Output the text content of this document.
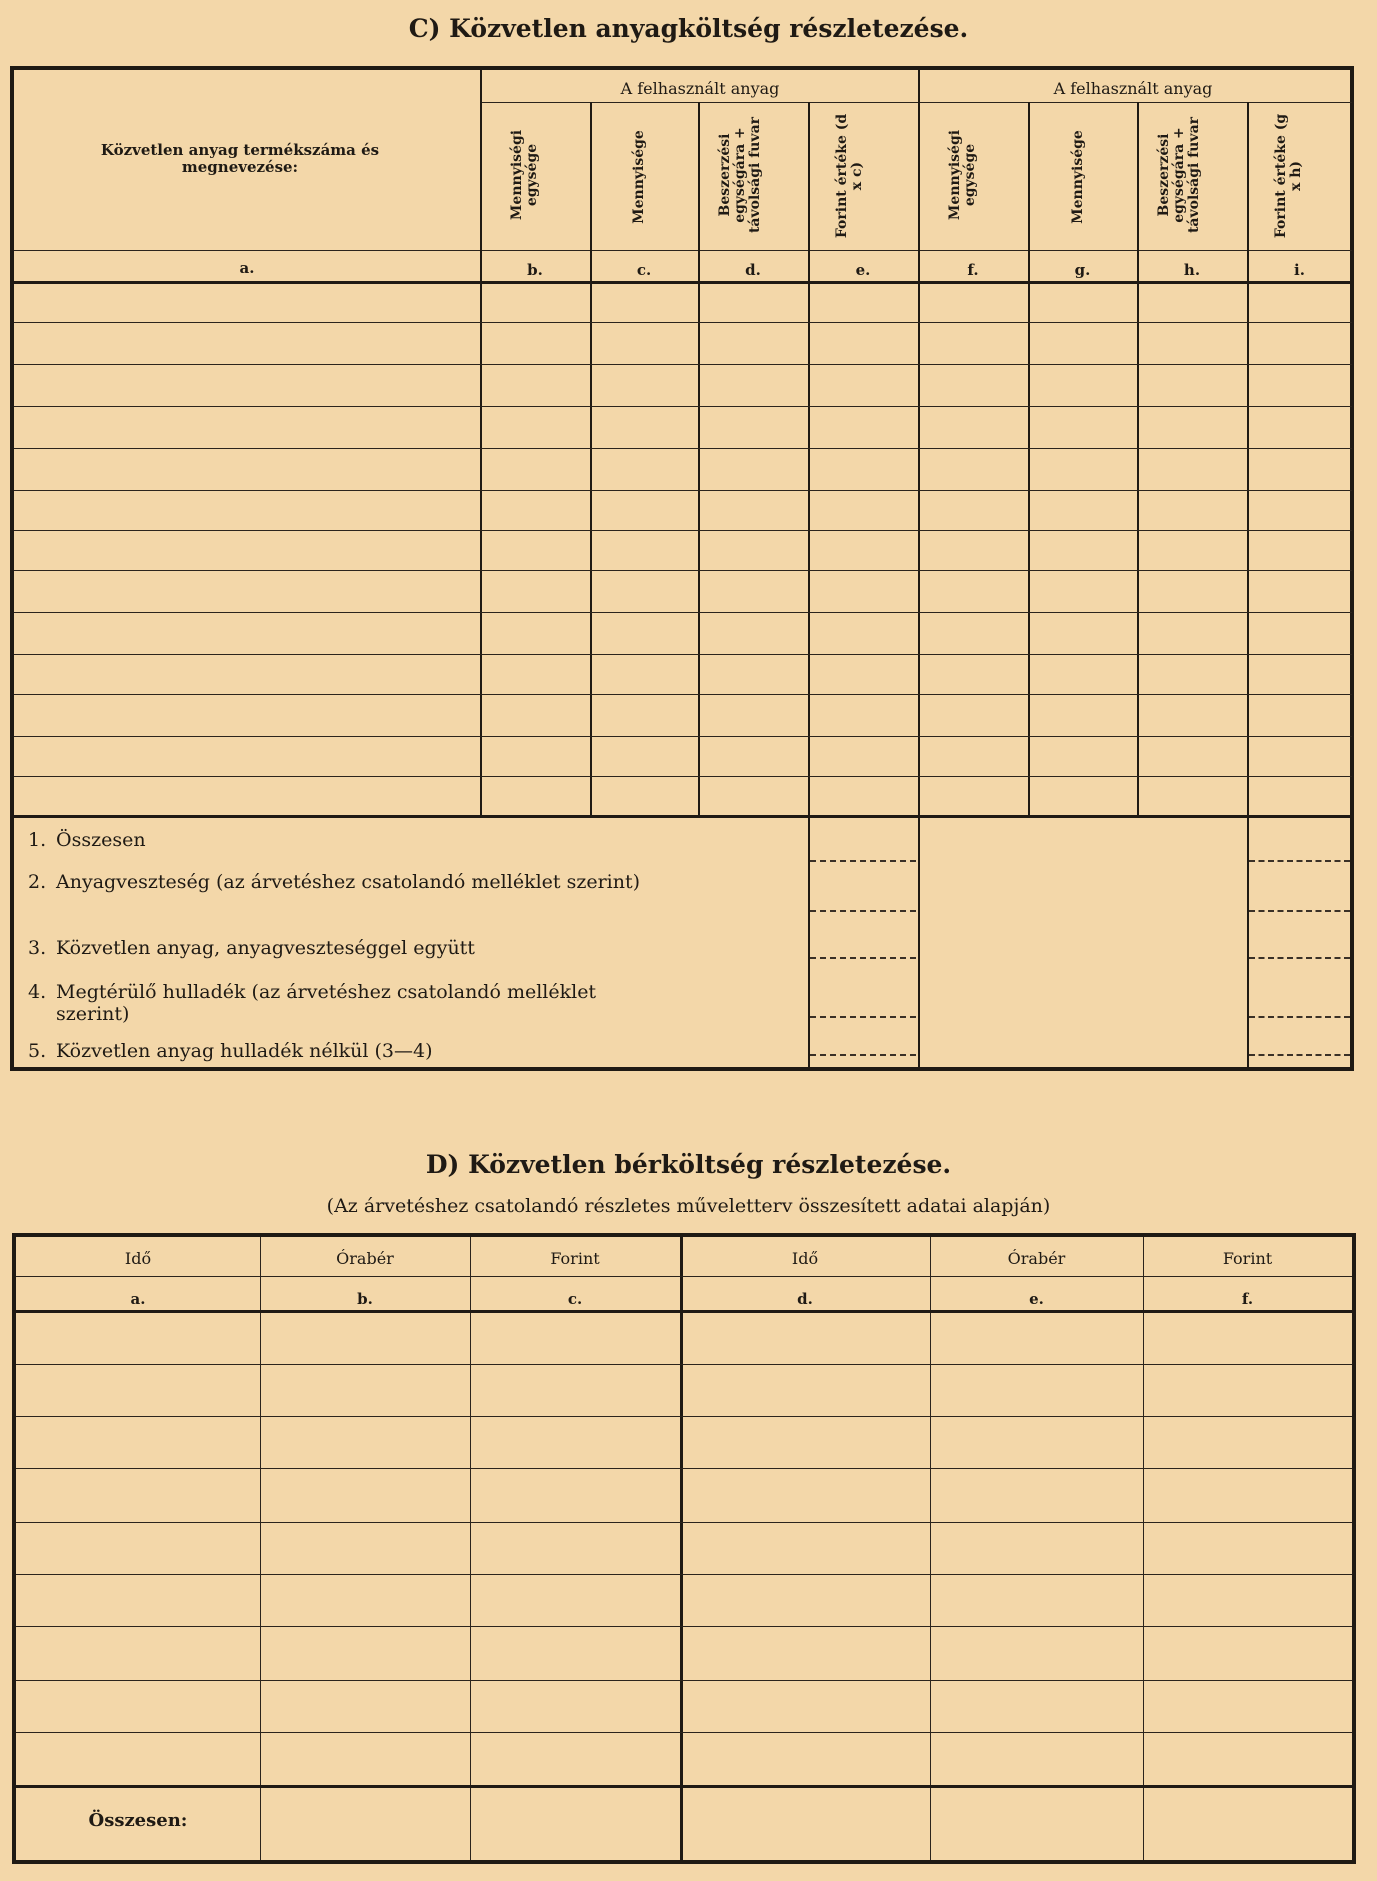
C) Közvetlen anyagköltség részletezése.
A felhasznált anyag	A felhasznált anyag
Közvetlen anyag termékszáma és megnevezése:
a.
Mennyiségi egysége	Mennyisége	Beszerzési egységára + távolsági fuvar	Forint értéke (d x c)	Mennyiségi egysége	Mennyisége	Beszerzési egységára + távolsági fuvar	Forint értéke (g x h)
b.	c.	d.	e.	f.	g.	h.	i.
1. Összesen
2. Anyagveszteség (az árvetéshez csatolandó melléklet szerint)
3. Közvetlen anyag, anyagveszteséggel együtt
4. Megtérülő hulladék (az árvetéshez csatolandó melléklet szerint)
5. Közvetlen anyag hulladék nélkül (3—4)
D) Közvetlen bérköltség részletezése.
(Az árvetéshez csatolandó részletes műveletterv összesített adatai alapján)
Idő	Órabér	Forint	Idő	Órabér	Forint
a.	b.	c.	d.	e.	f.
Összesen:
